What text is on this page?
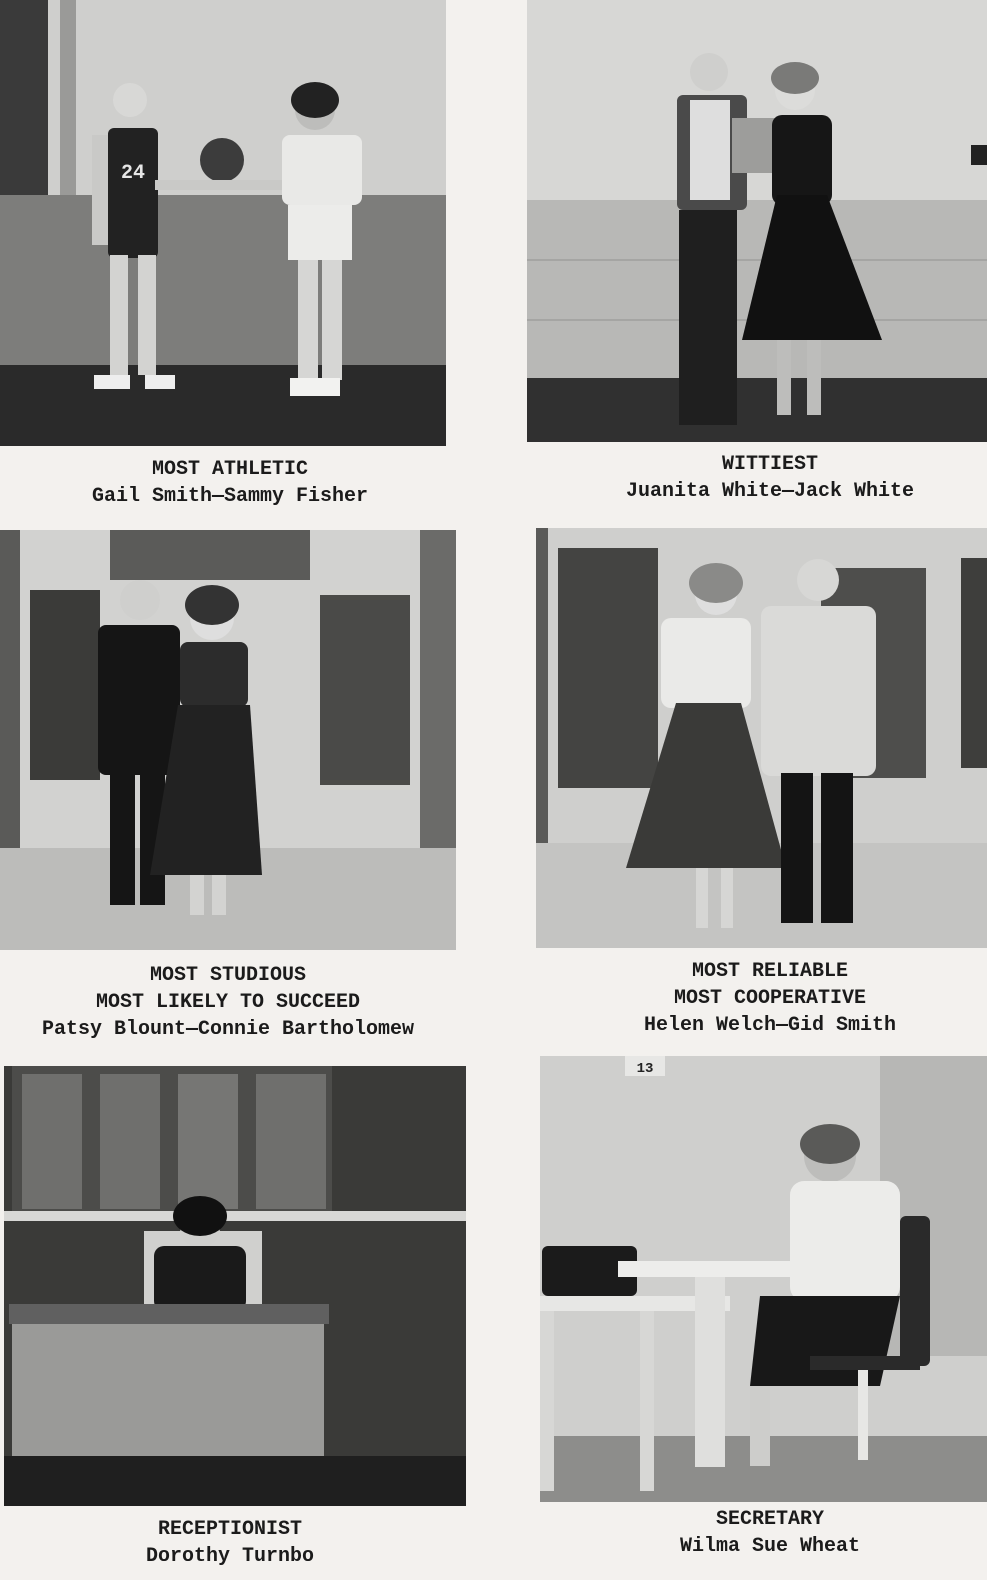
24
MOST ATHLETIC
Gail Smith—Sammy Fisher
WITTIEST
Juanita White—Jack White
MOST STUDIOUS
MOST LIKELY TO SUCCEED
Patsy Blount—Connie Bartholomew
MOST RELIABLE
MOST COOPERATIVE
Helen Welch—Gid Smith
RECEPTIONIST
Dorothy Turnbo
13
SECRETARY
Wilma Sue Wheat
